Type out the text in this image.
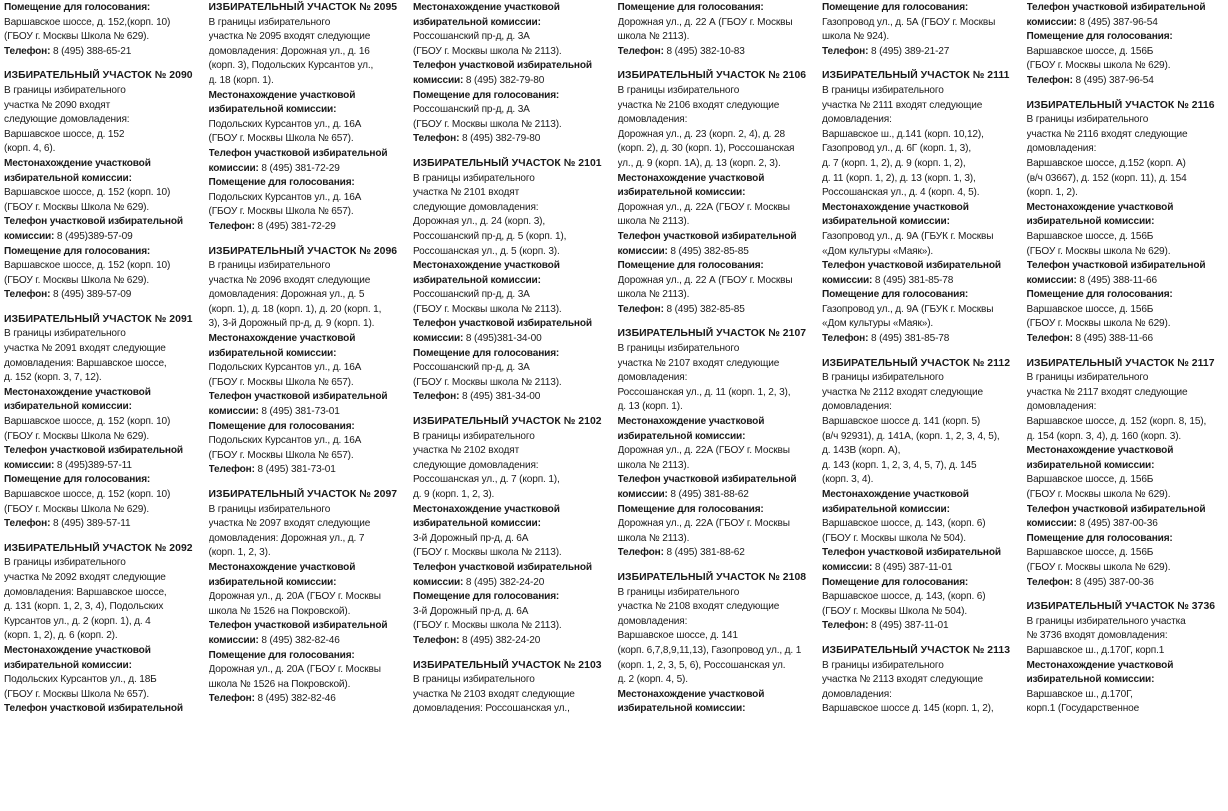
Помещение для голосования:
Варшавское шоссе, д. 152,(корп. 10)
(ГБОУ г. Москвы Школа № 629).
Телефон: 8 (495) 388-65-21
ИЗБИРАТЕЛЬНЫЙ УЧАСТОК № 2090
В границы избирательного
участка № 2090 входят
следующие домовладения:
Варшавское шоссе, д. 152
(корп. 4, 6).
Местонахождение участковой
избирательной комиссии:
Варшавское шоссе, д. 152 (корп. 10)
(ГБОУ г. Москвы Школа № 629).
Телефон участковой избирательной
комиссии: 8 (495)389-57-09
Помещение для голосования:
Варшавское шоссе, д. 152 (корп. 10)
(ГБОУ г. Москвы Школа № 629).
Телефон: 8 (495) 389-57-09
ИЗБИРАТЕЛЬНЫЙ УЧАСТОК № 2091
В границы избирательного
участка № 2091 входят следующие
домовладения: Варшавское шоссе,
д. 152 (корп. 3, 7, 12).
Местонахождение участковой
избирательной комиссии:
Варшавское шоссе, д. 152 (корп. 10)
(ГБОУ г. Москвы Школа № 629).
Телефон участковой избирательной
комиссии: 8 (495)389-57-11
Помещение для голосования:
Варшавское шоссе, д. 152 (корп. 10)
(ГБОУ г. Москвы Школа № 629).
Телефон: 8 (495) 389-57-11
ИЗБИРАТЕЛЬНЫЙ УЧАСТОК № 2092
В границы избирательного
участка № 2092 входят следующие
домовладения: Варшавское шоссе,
д. 131 (корп. 1, 2, 3, 4), Подольских
Курсантов ул., д. 2 (корп. 1), д. 4
(корп. 1, 2), д. 6 (корп. 2).
Местонахождение участковой
избирательной комиссии:
Подольских Курсантов ул., д. 18Б
(ГБОУ г. Москвы Школа № 657).
Телефон участковой избирательной
ИЗБИРАТЕЛЬНЫЙ УЧАСТОК № 2095
В границы избирательного
участка № 2095 входят следующие
домовладения: Дорожная ул., д. 16
(корп. 3), Подольских Курсантов ул.,
д. 18 (корп. 1).
Местонахождение участковой
избирательной комиссии:
Подольских Курсантов ул., д. 16А
(ГБОУ г. Москвы Школа № 657).
Телефон участковой избирательной
комиссии: 8 (495) 381-72-29
Помещение для голосования:
Подольских Курсантов ул., д. 16А
(ГБОУ г. Москвы Школа № 657).
Телефон: 8 (495) 381-72-29
ИЗБИРАТЕЛЬНЫЙ УЧАСТОК № 2096
В границы избирательного
участка № 2096 входят следующие
домовладения: Дорожная ул., д. 5
(корп. 1), д. 18 (корп. 1), д. 20 (корп. 1,
3), 3-й Дорожный пр-д, д. 9 (корп. 1).
Местонахождение участковой
избирательной комиссии:
Подольских Курсантов ул., д. 16А
(ГБОУ г. Москвы Школа № 657).
Телефон участковой избирательной
комиссии: 8 (495) 381-73-01
Помещение для голосования:
Подольских Курсантов ул., д. 16А
(ГБОУ г. Москвы Школа № 657).
Телефон: 8 (495) 381-73-01
ИЗБИРАТЕЛЬНЫЙ УЧАСТОК № 2097
В границы избирательного
участка № 2097 входят следующие
домовладения: Дорожная ул., д. 7
(корп. 1, 2, 3).
Местонахождение участковой
избирательной комиссии:
Дорожная ул., д. 20А (ГБОУ г. Москвы
школа № 1526 на Покровской).
Телефон участковой избирательной
комиссии: 8 (495) 382-82-46
Помещение для голосования:
Дорожная ул., д. 20А (ГБОУ г. Москвы
школа № 1526 на Покровской).
Телефон: 8 (495) 382-82-46
Местонахождение участковой
избирательной комиссии:
Россошанский пр-д, д. 3А
(ГБОУ г. Москвы школа № 2113).
Телефон участковой избирательной
комиссии: 8 (495) 382-79-80
Помещение для голосования:
Россошанский пр-д, д. 3А
(ГБОУ г. Москвы школа № 2113).
Телефон: 8 (495) 382-79-80
ИЗБИРАТЕЛЬНЫЙ УЧАСТОК № 2101
В границы избирательного
участка № 2101 входят
следующие домовладения:
Дорожная ул., д. 24 (корп. 3),
Россошанский пр-д, д. 5 (корп. 1),
Россошанская ул., д. 5 (корп. 3).
Местонахождение участковой
избирательной комиссии:
Россошанский пр-д, д. 3А
(ГБОУ г. Москвы школа № 2113).
Телефон участковой избирательной
комиссии: 8 (495)381-34-00
Помещение для голосования:
Россошанский пр-д, д. 3А
(ГБОУ г. Москвы школа № 2113).
Телефон: 8 (495) 381-34-00
ИЗБИРАТЕЛЬНЫЙ УЧАСТОК № 2102
В границы избирательного
участка № 2102 входят
следующие домовладения:
Россошанская ул., д. 7 (корп. 1),
д. 9 (корп. 1, 2, 3).
Местонахождение участковой
избирательной комиссии:
3-й Дорожный пр-д, д. 6А
(ГБОУ г. Москвы школа № 2113).
Телефон участковой избирательной
комиссии: 8 (495) 382-24-20
Помещение для голосования:
3-й Дорожный пр-д, д. 6А
(ГБОУ г. Москвы школа № 2113).
Телефон: 8 (495) 382-24-20
ИЗБИРАТЕЛЬНЫЙ УЧАСТОК № 2103
В границы избирательного
участка № 2103 входят следующие
домовладения: Россошанская ул.,
Помещение для голосования:
Дорожная ул., д. 22 А (ГБОУ г. Москвы
школа № 2113).
Телефон: 8 (495) 382-10-83
ИЗБИРАТЕЛЬНЫЙ УЧАСТОК № 2106
В границы избирательного
участка № 2106 входят следующие
домовладения:
Дорожная ул., д. 23 (корп. 2, 4), д. 28
(корп. 2), д. 30 (корп. 1), Россошанская
ул., д. 9 (корп. 1А), д. 13 (корп. 2, 3).
Местонахождение участковой
избирательной комиссии:
Дорожная ул., д. 22А (ГБОУ г. Москвы
школа № 2113).
Телефон участковой избирательной
комиссии: 8 (495) 382-85-85
Помещение для голосования:
Дорожная ул., д. 22 А (ГБОУ г. Москвы
школа № 2113).
Телефон: 8 (495) 382-85-85
ИЗБИРАТЕЛЬНЫЙ УЧАСТОК № 2107
В границы избирательного
участка № 2107 входят следующие
домовладения:
Россошанская ул., д. 11 (корп. 1, 2, 3),
д. 13 (корп. 1).
Местонахождение участковой
избирательной комиссии:
Дорожная ул., д. 22А (ГБОУ г. Москвы
школа № 2113).
Телефон участковой избирательной
комиссии: 8 (495) 381-88-62
Помещение для голосования:
Дорожная ул., д. 22А (ГБОУ г. Москвы
школа № 2113).
Телефон: 8 (495) 381-88-62
ИЗБИРАТЕЛЬНЫЙ УЧАСТОК № 2108
В границы избирательного
участка № 2108 входят следующие
домовладения:
Варшавское шоссе, д. 141
(корп. 6,7,8,9,11,13), Газопровод ул., д. 1
(корп. 1, 2, 3, 5, 6), Россошанская ул.
д. 2 (корп. 4, 5).
Местонахождение участковой
избирательной комиссии:
Помещение для голосования:
Газопровод ул., д. 5А (ГБОУ г. Москвы
школа № 924).
Телефон: 8 (495) 389-21-27
ИЗБИРАТЕЛЬНЫЙ УЧАСТОК № 2111
В границы избирательного
участка № 2111 входят следующие
домовладения:
Варшавское ш., д.141 (корп. 10,12),
Газопровод ул., д. 6Г (корп. 1, 3),
д. 7 (корп. 1, 2), д. 9 (корп. 1, 2),
д. 11 (корп. 1, 2), д. 13 (корп. 1, 3),
Россошанская ул., д. 4 (корп. 4, 5).
Местонахождение участковой
избирательной комиссии:
Газопровод ул., д. 9А (ГБУК г. Москвы
«Дом культуры «Маяк»).
Телефон участковой избирательной
комиссии: 8 (495) 381-85-78
Помещение для голосования:
Газопровод ул., д. 9А (ГБУК г. Москвы
«Дом культуры «Маяк»).
Телефон: 8 (495) 381-85-78
ИЗБИРАТЕЛЬНЫЙ УЧАСТОК № 2112
В границы избирательного
участка № 2112 входят следующие
домовладения:
Варшавское шоссе д. 141 (корп. 5)
(в/ч 92931), д. 141А, (корп. 1, 2, 3, 4, 5),
д. 143В (корп. А),
д. 143 (корп. 1, 2, 3, 4, 5, 7), д. 145
(корп. 3, 4).
Местонахождение участковой
избирательной комиссии:
Варшавское шоссе, д. 143, (корп. 6)
(ГБОУ г. Москвы школа № 504).
Телефон участковой избирательной
комиссии: 8 (495) 387-11-01
Помещение для голосования:
Варшавское шоссе, д. 143, (корп. 6)
(ГБОУ г. Москвы Школа № 504).
Телефон: 8 (495) 387-11-01
ИЗБИРАТЕЛЬНЫЙ УЧАСТОК № 2113
В границы избирательного
участка № 2113 входят следующие
домовладения:
Варшавское шоссе д. 145 (корп. 1, 2),
Телефон участковой избирательной
комиссии: 8 (495) 387-96-54
Помещение для голосования:
Варшавское шоссе, д. 156Б
(ГБОУ г. Москвы школа № 629).
Телефон: 8 (495) 387-96-54
ИЗБИРАТЕЛЬНЫЙ УЧАСТОК № 2116
В границы избирательного
участка № 2116 входят следующие
домовладения:
Варшавское шоссе, д.152 (корп. А)
(в/ч 03667), д. 152 (корп. 11), д. 154
(корп. 1, 2).
Местонахождение участковой
избирательной комиссии:
Варшавское шоссе, д. 156Б
(ГБОУ г. Москвы школа № 629).
Телефон участковой избирательной
комиссии: 8 (495) 388-11-66
Помещение для голосования:
Варшавское шоссе, д. 156Б
(ГБОУ г. Москвы школа № 629).
Телефон: 8 (495) 388-11-66
ИЗБИРАТЕЛЬНЫЙ УЧАСТОК № 2117
В границы избирательного
участка № 2117 входят следующие
домовладения:
Варшавское шоссе, д. 152 (корп. 8, 15),
д. 154 (корп. 3, 4), д. 160 (корп. 3).
Местонахождение участковой
избирательной комиссии:
Варшавское шоссе, д. 156Б
(ГБОУ г. Москвы школа № 629).
Телефон участковой избирательной
комиссии: 8 (495) 387-00-36
Помещение для голосования:
Варшавское шоссе, д. 156Б
(ГБОУ г. Москвы школа № 629).
Телефон: 8 (495) 387-00-36
ИЗБИРАТЕЛЬНЫЙ УЧАСТОК № 3736
В границы избирательного участка
№ 3736 входят домовладения:
Варшавское ш., д.170Г, корп.1
Местонахождение участковой
избирательной комиссии:
Варшавское ш., д.170Г,
корп.1 (Государственное
